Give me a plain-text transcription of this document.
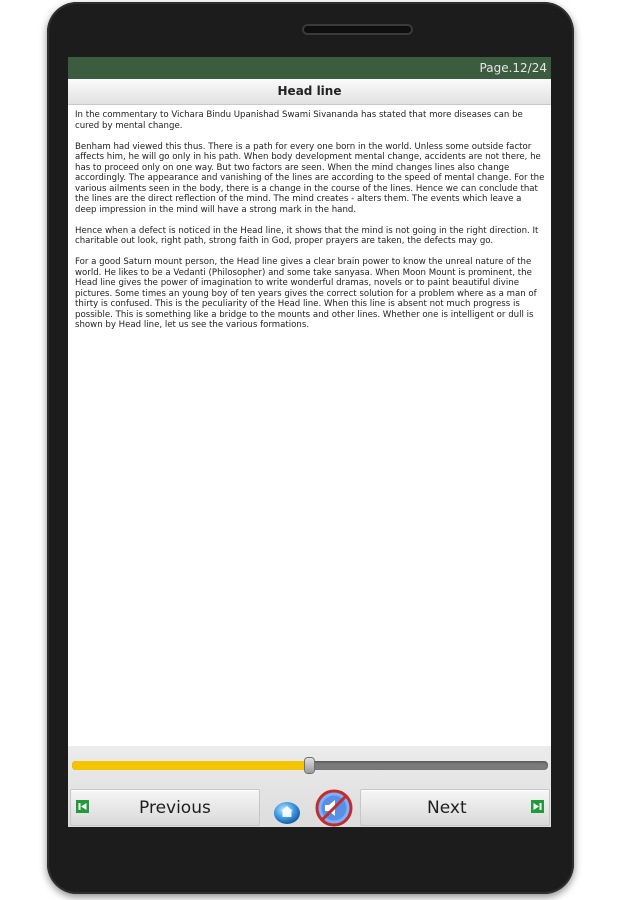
Page.12/24
Head line

In the commentary to Vichara Bindu Upanishad Swami Sivananda has stated that more diseases can be cured by mental change.

Benham had viewed this thus. There is a path for every one born in the world. Unless some outside factor affects him, he will go only in his path. When body development mental change, accidents are not there, he has to proceed only on one way. But two factors are seen. When the mind changes lines also change accordingly. The appearance and vanishing of the lines are according to the speed of mental change. For the various ailments seen in the body, there is a change in the course of the lines. Hence we can conclude that the lines are the direct reflection of the mind. The mind creates - alters them. The events which leave a deep impression in the mind will have a strong mark in the hand.

Hence when a defect is noticed in the Head line, it shows that the mind is not going in the right direction. It charitable out look, right path, strong faith in God, proper prayers are taken, the defects may go.

For a good Saturn mount person, the Head line gives a clear brain power to know the unreal nature of the world. He likes to be a Vedanti (Philosopher) and some take sanyasa. When Moon Mount is prominent, the Head line gives the power of imagination to write wonderful dramas, novels or to paint beautiful divine pictures. Some times an young boy of ten years gives the correct solution for a problem where as a man of thirty is confused. This is the peculiarity of the Head line. When this line is absent not much progress is possible. This is something like a bridge to the mounts and other lines. Whether one is intelligent or dull is shown by Head line, let us see the various formations.

Previous	Next
